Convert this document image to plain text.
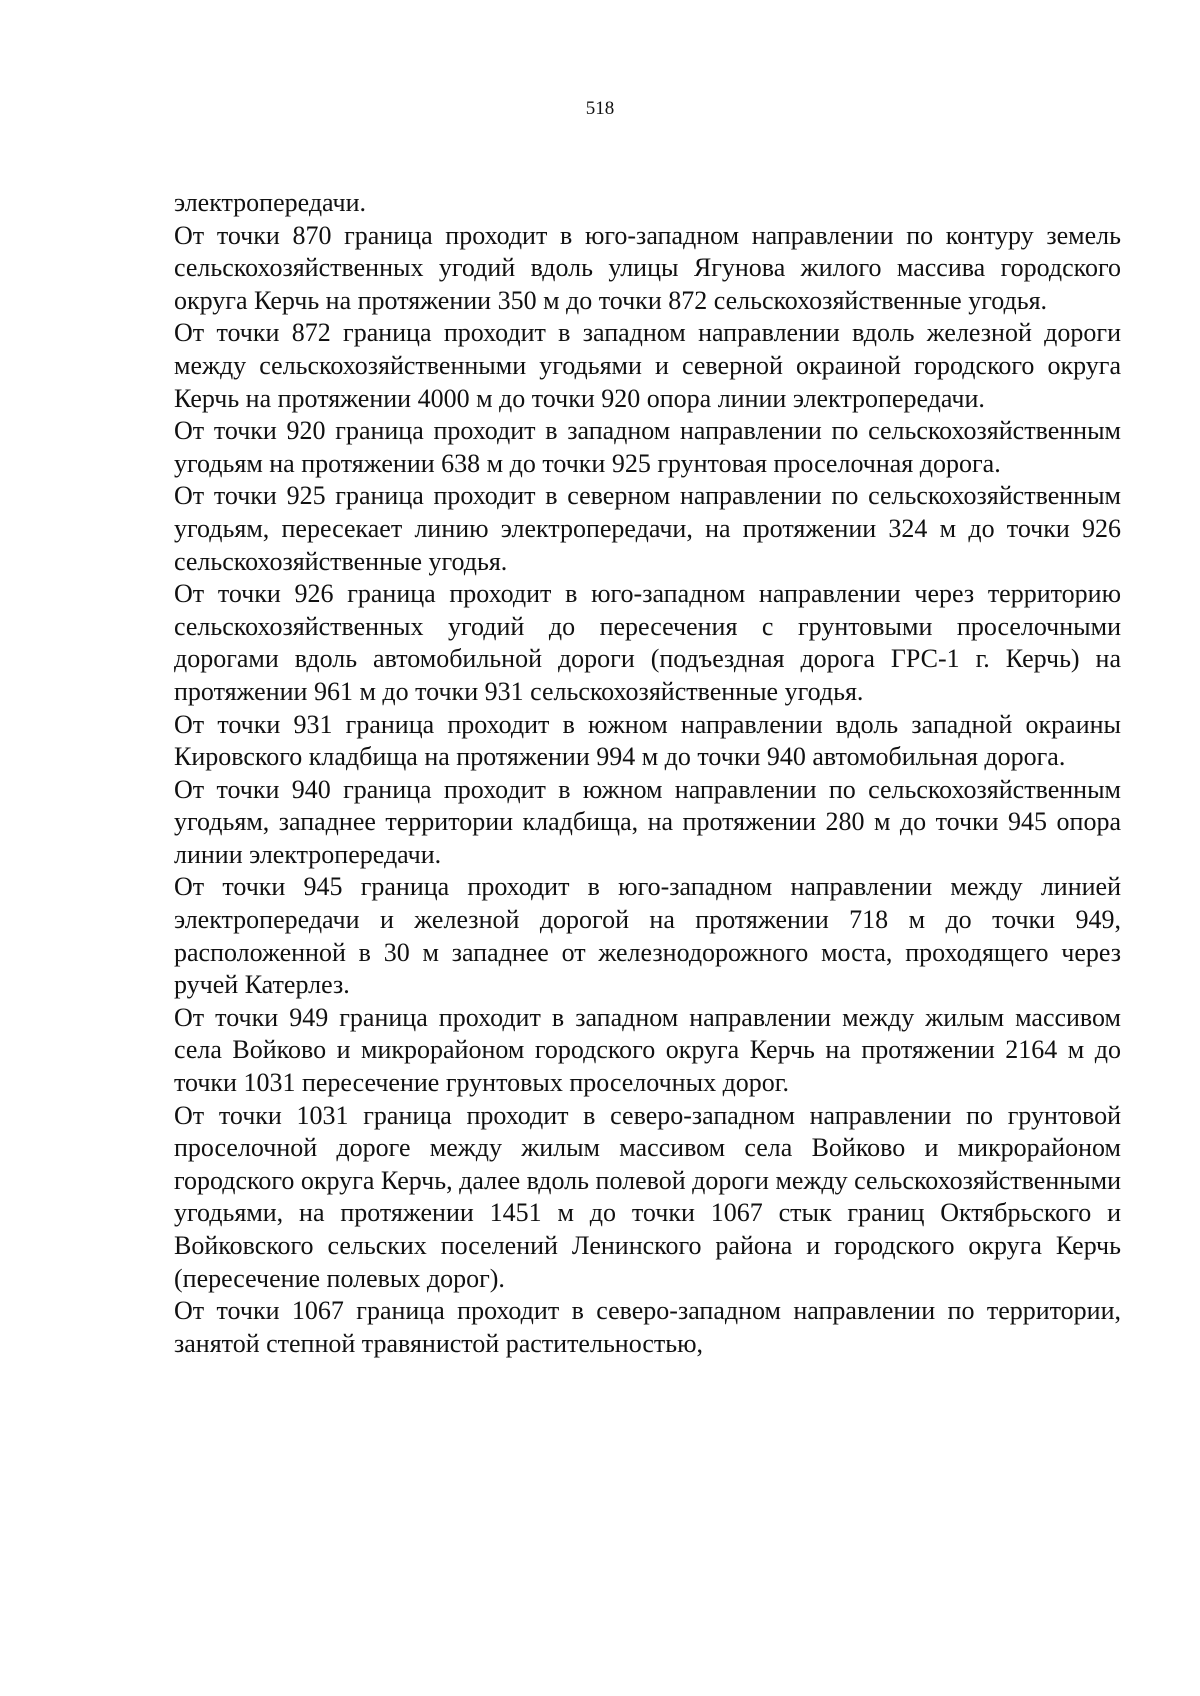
518

электропередачи.

От точки 870 граница проходит в юго-западном направлении по контуру земель сельскохозяйственных угодий вдоль улицы Ягунова жилого массива городского округа Керчь на протяжении 350 м до точки 872 сельскохозяйственные угодья.

От точки 872 граница проходит в западном направлении вдоль железной дороги между сельскохозяйственными угодьями и северной окраиной городского округа Керчь на протяжении 4000 м до точки 920 опора линии электропередачи.

От точки 920 граница проходит в западном направлении по сельскохозяйственным угодьям на протяжении 638 м до точки 925 грунтовая проселочная дорога.

От точки 925 граница проходит в северном направлении по сельскохозяйственным угодьям, пересекает линию электропередачи, на протяжении 324 м до точки 926 сельскохозяйственные угодья.

От точки 926 граница проходит в юго-западном направлении через территорию сельскохозяйственных угодий до пересечения с грунтовыми проселочными дорогами вдоль автомобильной дороги (подъездная дорога ГРС-1 г. Керчь) на протяжении 961 м до точки 931 сельскохозяйственные угодья.

От точки 931 граница проходит в южном направлении вдоль западной окраины Кировского кладбища на протяжении 994 м до точки 940 автомобильная дорога.

От точки 940 граница проходит в южном направлении по сельскохозяйственным угодьям, западнее территории кладбища, на протяжении 280 м до точки 945 опора линии электропередачи.

От точки 945 граница проходит в юго-западном направлении между линией электропередачи и железной дорогой на протяжении 718 м до точки 949, расположенной в 30 м западнее от железнодорожного моста, проходящего через ручей Катерлез.

От точки 949 граница проходит в западном направлении между жилым массивом села Войково и микрорайоном городского округа Керчь на протяжении 2164 м до точки 1031 пересечение грунтовых проселочных дорог.

От точки 1031 граница проходит в северо-западном направлении по грунтовой проселочной дороге между жилым массивом села Войково и микрорайоном городского округа Керчь, далее вдоль полевой дороги между сельскохозяйственными угодьями, на протяжении 1451 м до точки 1067 стык границ Октябрьского и Войковского сельских поселений Ленинского района и городского округа Керчь (пересечение полевых дорог).

От точки 1067 граница проходит в северо-западном направлении по территории, занятой степной травянистой растительностью,
